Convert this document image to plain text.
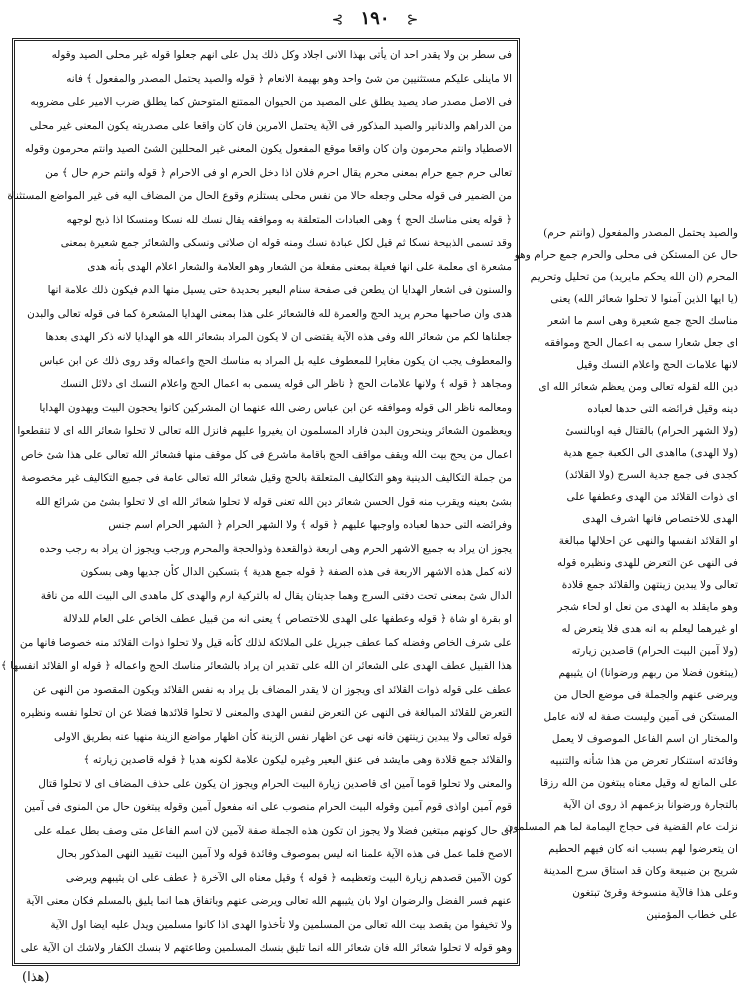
⊰ ١٩٠ ⊱
فى سطر بن ولا يقدر احد ان يأتى بهذا الانى اجلاد وكل ذلك يدل على انهم جعلوا قوله غير محلى الصيد وقوله
الا ماينلى عليكم مستثنيين من شئ واحد وهو بهيمة الانعام ﴿ قوله والصيد يحتمل المصدر والمفعول ﴾ فانه
فى الاصل مصدر صاد يصيد يطلق على المصيد من الحيوان الممتنع المتوحش كما يطلق ضرب الامير على مضروبه
من الدراهم والدنانير والصيد المذكور فى الآية يحتمل الامرين فان كان واقعا على مصدريته يكون المعنى غير محلى
الاصطياد وانتم محرمون وان كان واقعا موقع المفعول يكون المعنى غير المحللين الشئ الصيد وانتم محرمون وقوله
تعالى حرم جمع حرام بمعنى محرم يقال احرم فلان اذا دخل الحرم او فى الاحرام ﴿ قوله وانتم حرم حال ﴾ من
من الضمير فى قوله محلى وجعله حالا من نفس محلى يستلزم وقوع الحال من المضاف اليه فى غير المواضع المستثناة
﴿ قوله يعنى مناسك الحج ﴾ وهى العبادات المتعلقة به وموافقه يقال نسك لله نسكا ومنسكا اذا ذبح لوجهه
وقد تسمى الذبيحة نسكا ثم قيل لكل عبادة نسك ومنه قوله ان صلاتى ونسكى والشعائر جمع شعيرة بمعنى
مشعرة اى معلمة على انها فعيلة بمعنى مفعلة من الشعار وهو العلامة والشعار اعلام الهدى بأنه هدى
والسنون فى اشعار الهدايا ان يطعن فى صفحة سنام البعير بحديدة حتى يسيل منها الدم فيكون ذلك علامة انها
هدى وان صاحبها محرم يريد الحج والعمرة لله فالشعائر على هذا بمعنى الهدايا المشعرة كما فى قوله تعالى والبدن
جعلناها لكم من شعائر الله وفى هذه الآية يقتضى ان لا يكون المراد بشعائر الله هو الهدايا لانه ذكر الهدى بعدها
والمعطوف يجب ان يكون مغايرا للمعطوف عليه بل المراد به مناسك الحج واعماله وقد روى ذلك عن ابن عباس
ومجاهد ﴿ قوله ﴾ ولانها علامات الحج ﴿ ناظر الى قوله يسمى به اعمال الحج واعلام النسك اى دلائل النسك
ومعالمه ناظر الى قوله وموافقه عن ابن عباس رضى الله عنهما ان المشركين كانوا يحجون البيت ويهدون الهدايا
ويعظمون الشعائر وينحرون البدن فاراد المسلمون ان يغيروا عليهم فانزل الله تعالى لا تحلوا شعائر الله اى لا تنقطعوا
اعمال من يحج بيت الله ويقف مواقف الحج باقامة ماشرع فى كل موقف منها فشعائر الله تعالى على هذا شئ خاص
من جملة التكاليف الدينية وهو التكاليف المتعلقة بالحج وقيل شعائر الله تعالى عامة فى جميع التكاليف غير مخصوصة
بشئ بعينه ويقرب منه قول الحسن شعائر دين الله تعنى قوله لا تحلوا شعائر الله اى لا تحلوا بشئ من شرائع الله
وفرائضه التى حدها لعباده واوجبها عليهم ﴿ قوله ﴾ ولا الشهر الحرام ﴿ الشهر الحرام اسم جنس
يجوز ان يراد به جميع الاشهر الحرم وهى اربعة ذوالقعدة وذوالحجة والمحرم ورجب ويجوز ان يراد به رجب وحده
لانه كمل هذه الاشهر الاربعة فى هذه الصفة ﴿ قوله جمع هدية ﴾ بتسكين الدال كأن جديها وهى بسكون
الدال شئ بمعنى تحت دفتى السرج وهما جديتان يقال له بالتركية ارم والهدى كل ماهدى الى البيت الله من ناقة
او بقرة او شاة ﴿ قوله وعطفها على الهدى للاختصاص ﴾ يعنى انه من قبيل عطف الخاص على العام للدلالة
على شرف الخاص وفضله كما عطف جبريل على الملائكة لذلك كأنه قيل ولا تحلوا ذوات القلائد منه خصوصا فانها من
هذا القبيل عطف الهدى على الشعائر ان الله على تقدير ان يراد بالشعائر مناسك الحج واعماله ﴿ قوله او القلائد انفسها ﴾
عطف على قوله ذوات القلائد اى ويجوز ان لا يقدر المضاف بل يراد به نفس القلائد ويكون المقصود من النهى عن
التعرض للقلائد المبالغة فى النهى عن التعرض لنفس الهدى والمعنى لا تحلوا قلائدها فضلا عن ان تحلوا نفسه ونظيره
قوله تعالى ولا يبدين زينتهن فانه نهى عن اظهار نفس الزينة كأن اظهار مواضع الزينة منهيا عنه بطريق الاولى
والقلائد جمع قلادة وهى مايشد فى عنق البعير وغيره ليكون علامة لكونه هديا ﴿ قوله قاصدين زيارته ﴾
والمعنى ولا تحلوا قوما آمين اى قاصدين زيارة البيت الحرام ويجوز ان يكون على حذف المضاف اى لا تحلوا قتال
قوم آمين اواذى قوم آمين وقوله البيت الحرام منصوب على انه مفعول آمين وقوله يبتغون حال من المنوى فى آمين
اى حال كونهم مبتغين فضلا ولا يجوز ان تكون هذه الجملة صفة لآمين لان اسم الفاعل متى وصف بطل عمله على
الاصح فلما عمل فى هذه الآية علمنا انه ليس بموصوف وفائدة قوله ولا آمين البيت تقييد النهى المذكور بحال
كون الآمين قصدهم زيارة البيت وتعظيمه ﴿ قوله ﴾ وقيل معناه الى الآخرة ﴿ عطف على ان يثيبهم ويرضى
عنهم فسر الفضل والرضوان اولا بان يثيبهم الله تعالى ويرضى عنهم وباتفاق هما انما يليق بالمسلم فكان معنى الآية
ولا تخيفوا من يقصد بيت الله تعالى من المسلمين ولا تأخذوا الهدى اذا كانوا مسلمين ويدل عليه ايضا اول الآية
وهو قوله لا تحلوا شعائر الله فان شعائر الله انما تليق بنسك المسلمين وطاعتهم لا بنسك الكفار ولاشك ان الآية على
والصيد يحتمل المصدر والمفعول (وانتم حرم)
حال عن المستكن فى محلى والحرم جمع حرام وهو
المحرم (ان الله يحكم مايريد) من تحليل وتحريم
(يا ايها الذين آمنوا لا تحلوا شعائر الله) يعنى
مناسك الحج جمع شعيرة وهى اسم ما اشعر
اى جعل شعارا سمى به اعمال الحج وموافقه
لانها علامات الحج واعلام النسك وقيل
دين الله لقوله تعالى ومن يعظم شعائر الله اى
دينه وقيل فرائضه التى حدها لعباده
(ولا الشهر الحرام) بالقتال فيه اوبالنسئ
(ولا الهدى) مااهدى الى الكعبة جمع هدية
كجدى فى جمع جدية السرج (ولا القلائد)
اى ذوات القلائد من الهدى وعطفها على
الهدى للاختصاص فانها اشرف الهدى
او القلائد انفسها والنهى عن احلالها مبالغة
فى النهى عن التعرض للهدى ونظيره قوله
تعالى ولا يبدين زينتهن والقلائد جمع قلادة
وهو مايقلد به الهدى من نعل او لحاء شجر
او غيرهما ليعلم به انه هدى فلا يتعرض له
(ولا آمين البيت الحرام) قاصدين زيارته
(يبتغون فضلا من ربهم ورضوانا) ان يثيبهم
ويرضى عنهم والجملة فى موضع الحال من
المستكن فى آمين وليست صفة له لانه عامل
والمختار ان اسم الفاعل الموصوف لا يعمل
وفائدته استنكار تعرض من هذا شأنه والتنبيه
على المانع له وقيل معناه يبتغون من الله رزقا
بالتجارة ورضوانا بزعمهم اذ روى ان الآية
نزلت عام القضية فى حجاج اليمامة لما هم المسلمون
ان يتعرضوا لهم بسبب انه كان فيهم الحطيم
شريح بن ضبيعة وكان قد استاق سرح المدينة
وعلى هذا فالآية منسوخة وقرئ تبتغون
على خطاب المؤمنين
(هذا)
